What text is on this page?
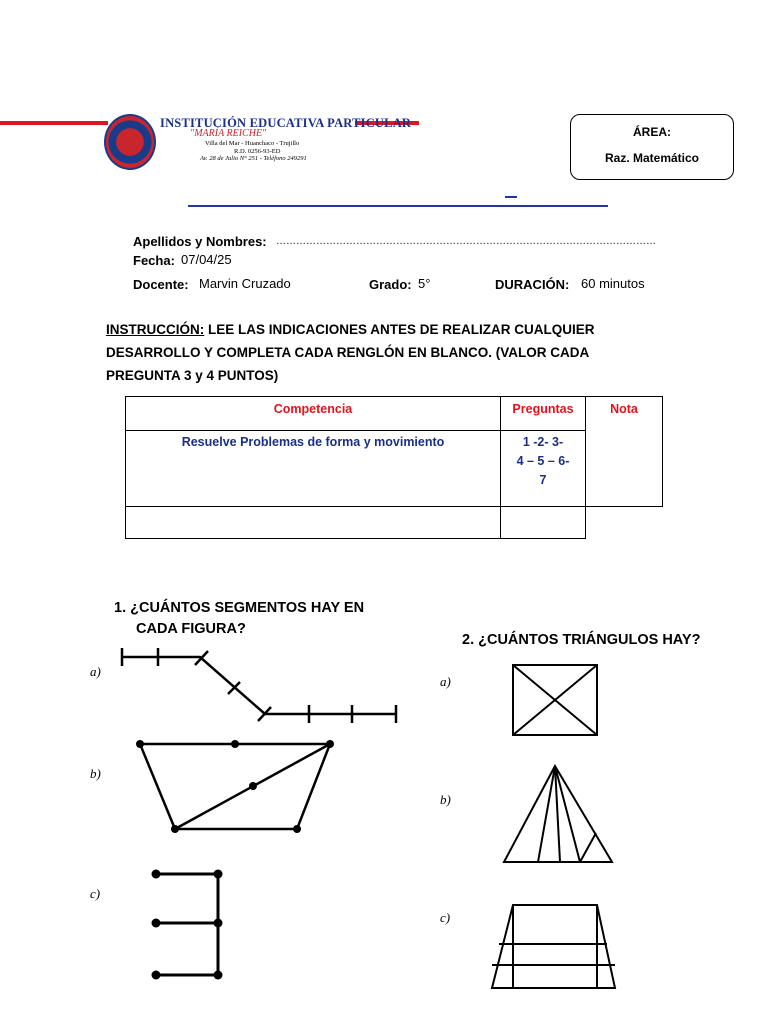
INSTITUCIÓN EDUCATIVA PARTICULAR
"MARÍA REICHE"
Villa del Mar - Huanchaco - Trujillo
R.D. 0256-93-ED
Av. 28 de Julio N° 251 - Teléfono 249291
ÁREA:
Raz. Matemático
Apellidos y Nombres: ……………………………………………………………………………………………………
Fecha: 07/04/25
Docente: Marvin Cruzado	Grado: 5°	DURACIÓN: 60 minutos
INSTRUCCIÓN: LEE LAS INDICACIONES ANTES DE REALIZAR CUALQUIER DESARROLLO Y COMPLETA CADA RENGLÓN EN BLANCO. (VALOR CADA PREGUNTA 3 y 4 PUNTOS)
Competencia	Preguntas	Nota
Resuelve Problemas de forma y movimiento	1 -2- 3-
4 – 5 – 6-
7	

1. ¿CUÁNTOS SEGMENTOS HAY EN
CADA FIGURA?
a)
b)
c)
2. ¿CUÁNTOS TRIÁNGULOS HAY?
a)
b)
c)
